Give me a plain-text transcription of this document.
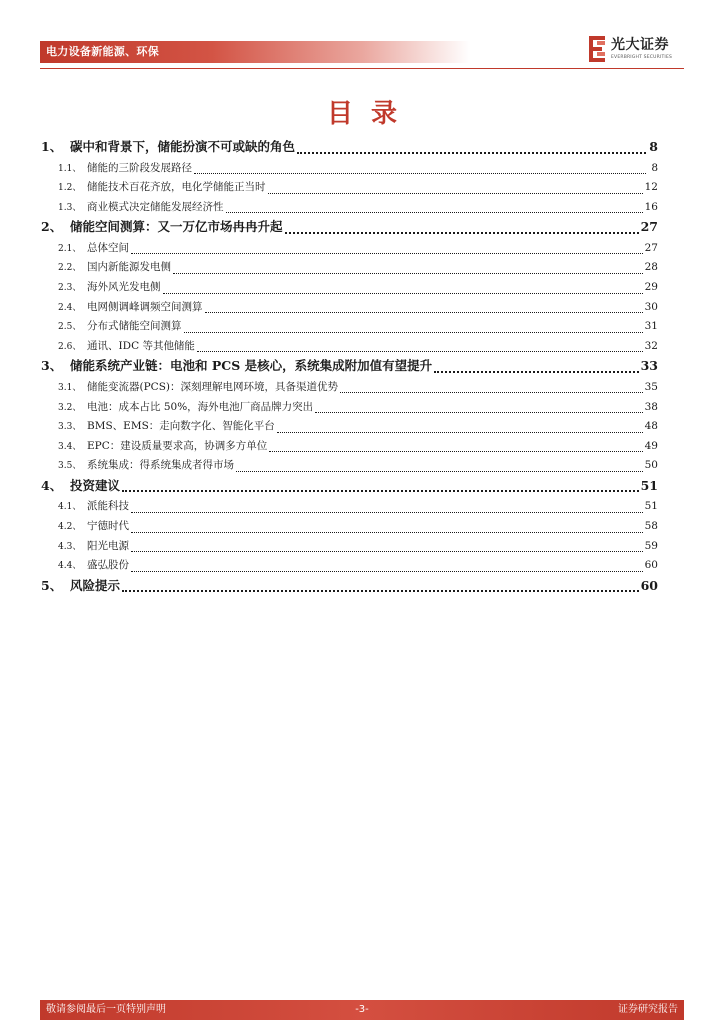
电力设备新能源、环保	光大证券
EVERBRIGHT SECURITIES
目录
1、 碳中和背景下，储能扮演不可或缺的角色	8
1.1、 储能的三阶段发展路径	8
1.2、 储能技术百花齐放，电化学储能正当时	12
1.3、 商业模式决定储能发展经济性	16
2、 储能空间测算：又一万亿市场冉冉升起	27
2.1、 总体空间	27
2.2、 国内新能源发电侧	28
2.3、 海外风光发电侧	29
2.4、 电网侧调峰调频空间测算	30
2.5、 分布式储能空间测算	31
2.6、 通讯、IDC 等其他储能	32
3、 储能系统产业链：电池和 PCS 是核心，系统集成附加值有望提升	33
3.1、 储能变流器(PCS)：深刻理解电网环境，具备渠道优势	35
3.2、 电池：成本占比 50%，海外电池厂商品牌力突出	38
3.3、 BMS、EMS：走向数字化、智能化平台	48
3.4、 EPC：建设质量要求高，协调多方单位	49
3.5、 系统集成：得系统集成者得市场	50
4、 投资建议	51
4.1、 派能科技	51
4.2、 宁德时代	58
4.3、 阳光电源	59
4.4、 盛弘股份	60
5、 风险提示	60
敬请参阅最后一页特别声明	-3-	证券研究报告
